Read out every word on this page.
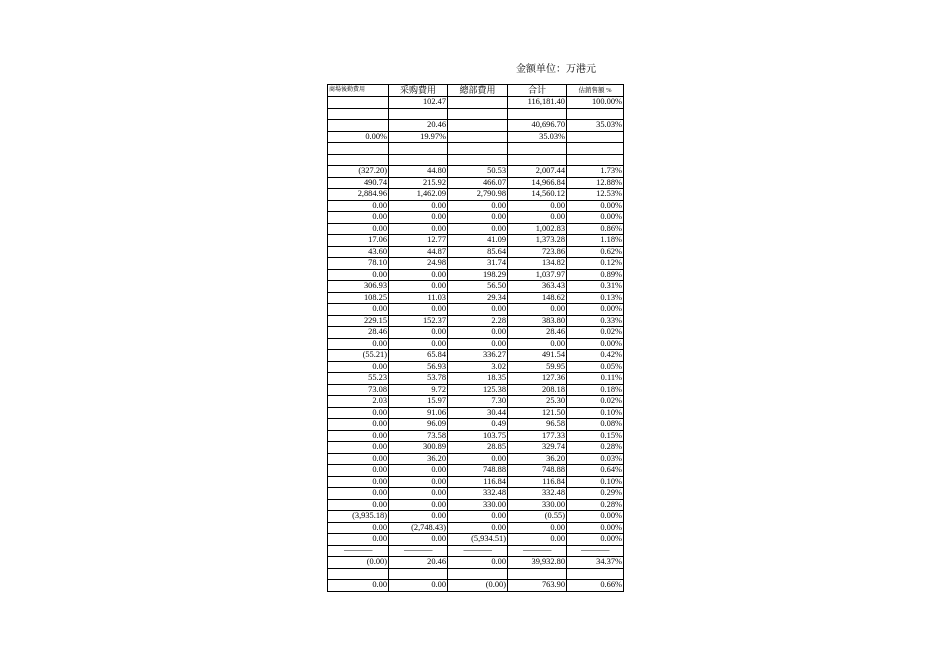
金额单位：万港元
商場後勤費用	采购費用	總部費用	合计	估銷售額 %
	102.47		116,181.40	100.00%

	20.46		40,696.70	35.03%
0.00%	19.97%		35.03%	

(327.20)	44.80	50.53	2,007.44	1.73%
490.74	215.92	466.07	14,966.84	12.88%
2,884.96	1,462.09	2,790.98	14,560.12	12.53%
0.00	0.00	0.00	0.00	0.00%
0.00	0.00	0.00	0.00	0.00%
0.00	0.00	0.00	1,002.83	0.86%
17.06	12.77	41.09	1,373.28	1.18%
43.60	44.87	85.64	723.86	0.62%
78.10	24.98	31.74	134.82	0.12%
0.00	0.00	198.29	1,037.97	0.89%
306.93	0.00	56.50	363.43	0.31%
108.25	11.03	29.34	148.62	0.13%
0.00	0.00	0.00	0.00	0.00%
229.15	152.37	2.28	383.80	0.33%
28.46	0.00	0.00	28.46	0.02%
0.00	0.00	0.00	0.00	0.00%
(55.21)	65.84	336.27	491.54	0.42%
0.00	56.93	3.02	59.95	0.05%
55.23	53.78	18.35	127.36	0.11%
73.08	9.72	125.38	208.18	0.18%
2.03	15.97	7.30	25.30	0.02%
0.00	91.06	30.44	121.50	0.10%
0.00	96.09	0.49	96.58	0.08%
0.00	73.58	103.75	177.33	0.15%
0.00	300.89	28.85	329.74	0.28%
0.00	36.20	0.00	36.20	0.03%
0.00	0.00	748.88	748.88	0.64%
0.00	0.00	116.84	116.84	0.10%
0.00	0.00	332.48	332.48	0.29%
0.00	0.00	330.00	330.00	0.28%
(3,935.18)	0.00	0.00	(0.55)	0.00%
0.00	(2,748.43)	0.00	0.00	0.00%
0.00	0.00	(5,934.51)	0.00	0.00%
-------------------	-------------------	-------------------	-------------------	-------------------
(0.00)	20.46	0.00	39,932.80	34.37%

0.00	0.00	(0.00)	763.90	0.66%
